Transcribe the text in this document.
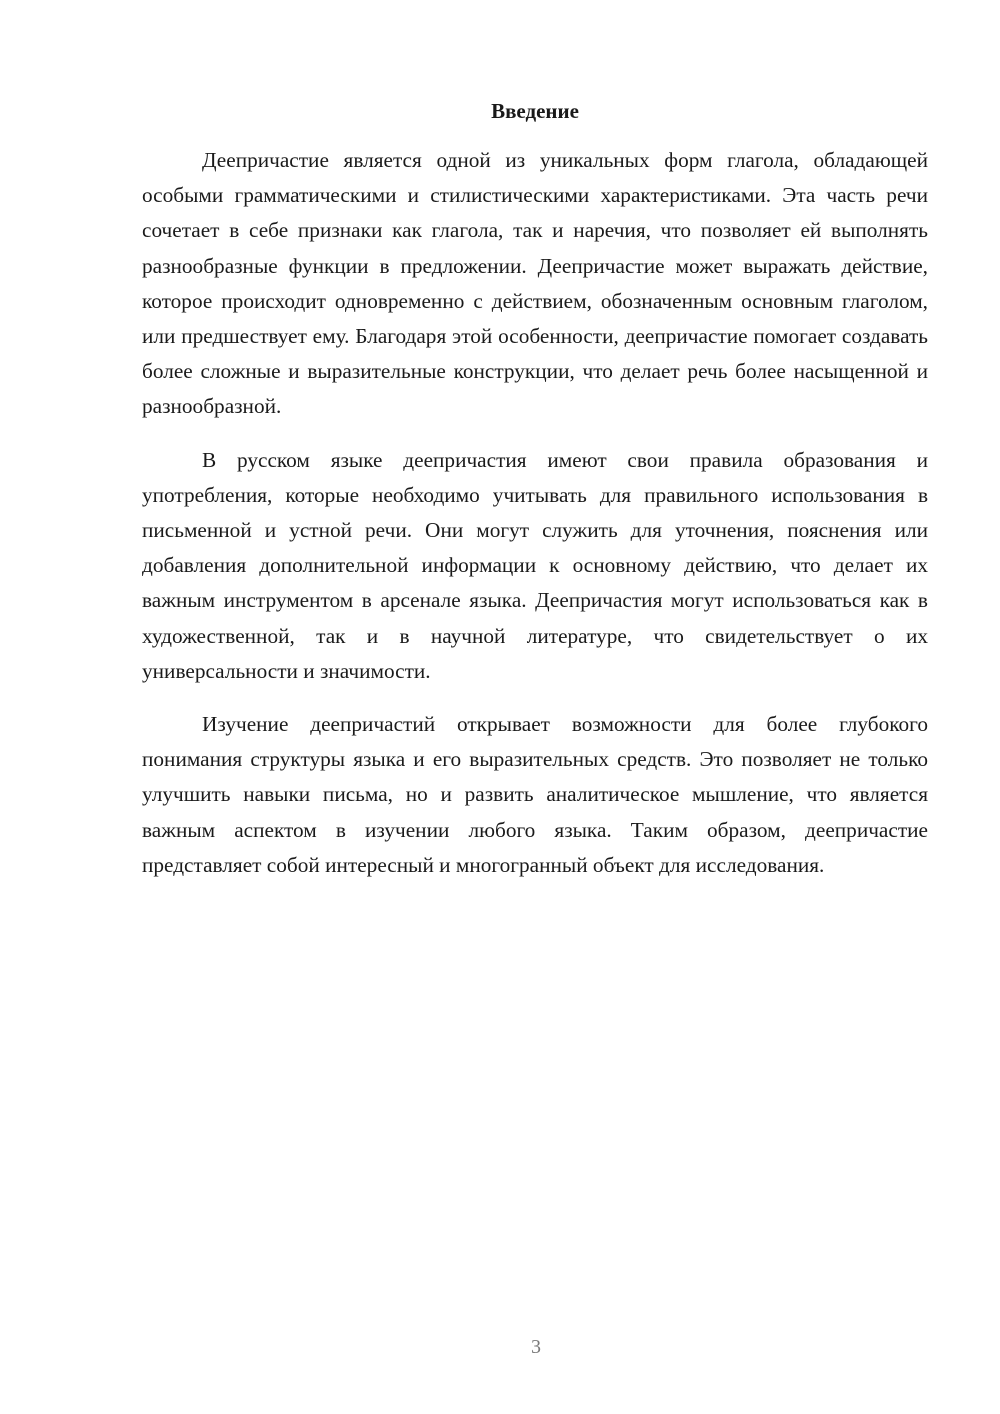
Введение

Деепричастие является одной из уникальных форм глагола, обладающей особыми грамматическими и стилистическими характеристиками. Эта часть речи сочетает в себе признаки как глагола, так и наречия, что позволяет ей выполнять разнообразные функции в предложении. Деепричастие может выражать действие, которое происходит одновременно с действием, обозначенным основным глаголом, или предшествует ему. Благодаря этой особенности, деепричастие помогает создавать более сложные и выразительные конструкции, что делает речь более насыщенной и разнообразной.

В русском языке деепричастия имеют свои правила образования и употребления, которые необходимо учитывать для правильного использования в письменной и устной речи. Они могут служить для уточнения, пояснения или добавления дополнительной информации к основному действию, что делает их важным инструментом в арсенале языка. Деепричастия могут использоваться как в художественной, так и в научной литературе, что свидетельствует о их универсальности и значимости.

Изучение деепричастий открывает возможности для более глубокого понимания структуры языка и его выразительных средств. Это позволяет не только улучшить навыки письма, но и развить аналитическое мышление, что является важным аспектом в изучении любого языка. Таким образом, деепричастие представляет собой интересный и многогранный объект для исследования.

3
